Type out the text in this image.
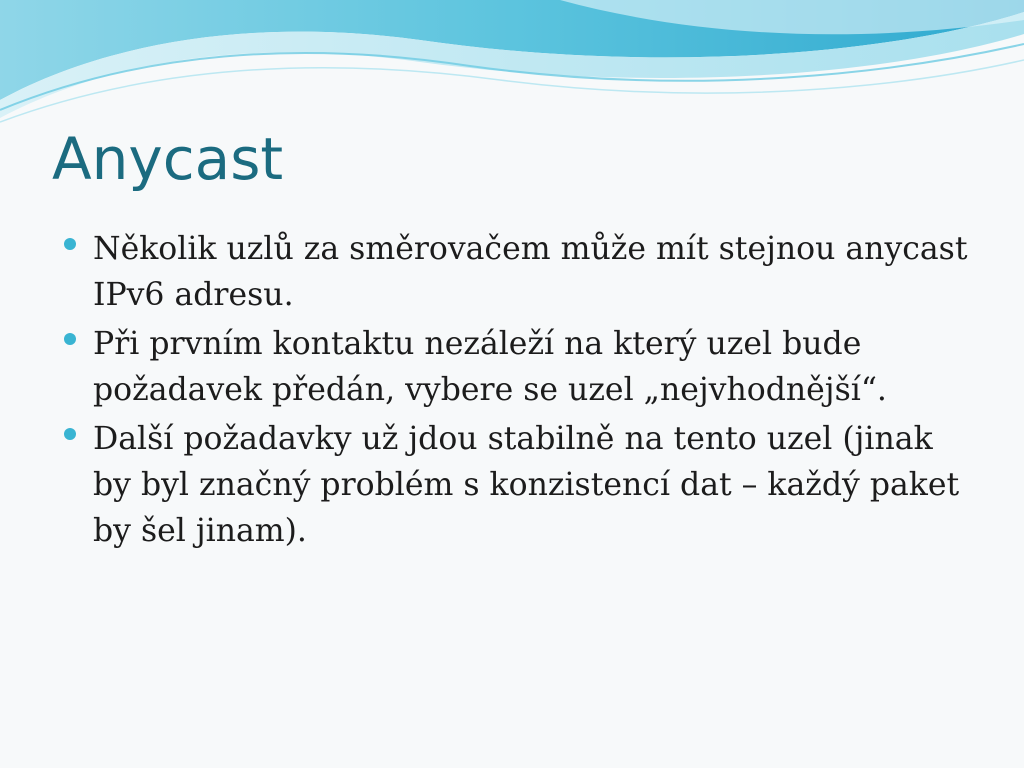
Anycast
Několik uzlů za směrovačem může mít stejnou anycast IPv6 adresu.
Při prvním kontaktu nezáleží na který uzel bude požadavek předán, vybere se uzel „nejvhodnější“.
Další požadavky už jdou stabilně na tento uzel (jinak by byl značný problém s konzistencí dat – každý paket by šel jinam).
